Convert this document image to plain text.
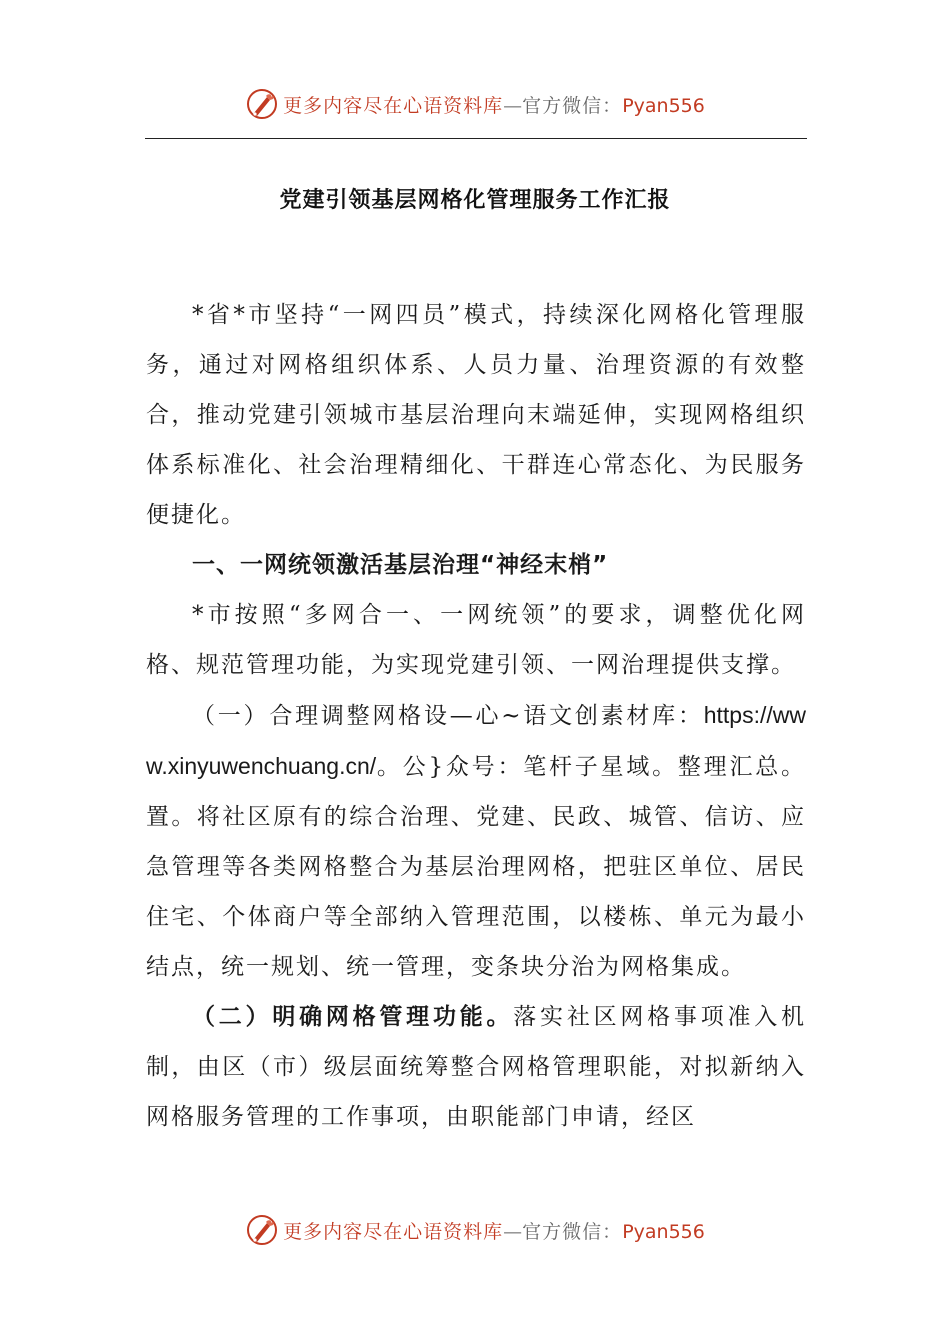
更多内容尽在心语资料库—官方微信：Pyan556
党建引领基层网格化管理服务工作汇报

*省*市坚持“一网四员”模式，持续深化网格化管理服务，通过对网格组织体系、人员力量、治理资源的有效整合，推动党建引领城市基层治理向末端延伸，实现网格组织体系标准化、社会治理精细化、干群连心常态化、为民服务便捷化。

一、一网统领激活基层治理“神经末梢”

*市按照“多网合一、一网统领”的要求，调整优化网格、规范管理功能，为实现党建引领、一网治理提供支撑。

（一）合理调整网格设—心~语文创素材库：https://www.xinyuwenchuang.cn/。公}众号：笔杆子星域。整理汇总。置。将社区原有的综合治理、党建、民政、城管、信访、应急管理等各类网格整合为基层治理网格，把驻区单位、居民住宅、个体商户等全部纳入管理范围，以楼栋、单元为最小结点，统一规划、统一管理，变条块分治为网格集成。

（二）明确网格管理功能。落实社区网格事项准入机制，由区（市）级层面统筹整合网格管理职能，对拟新纳入网格服务管理的工作事项，由职能部门申请，经区

更多内容尽在心语资料库—官方微信：Pyan556
